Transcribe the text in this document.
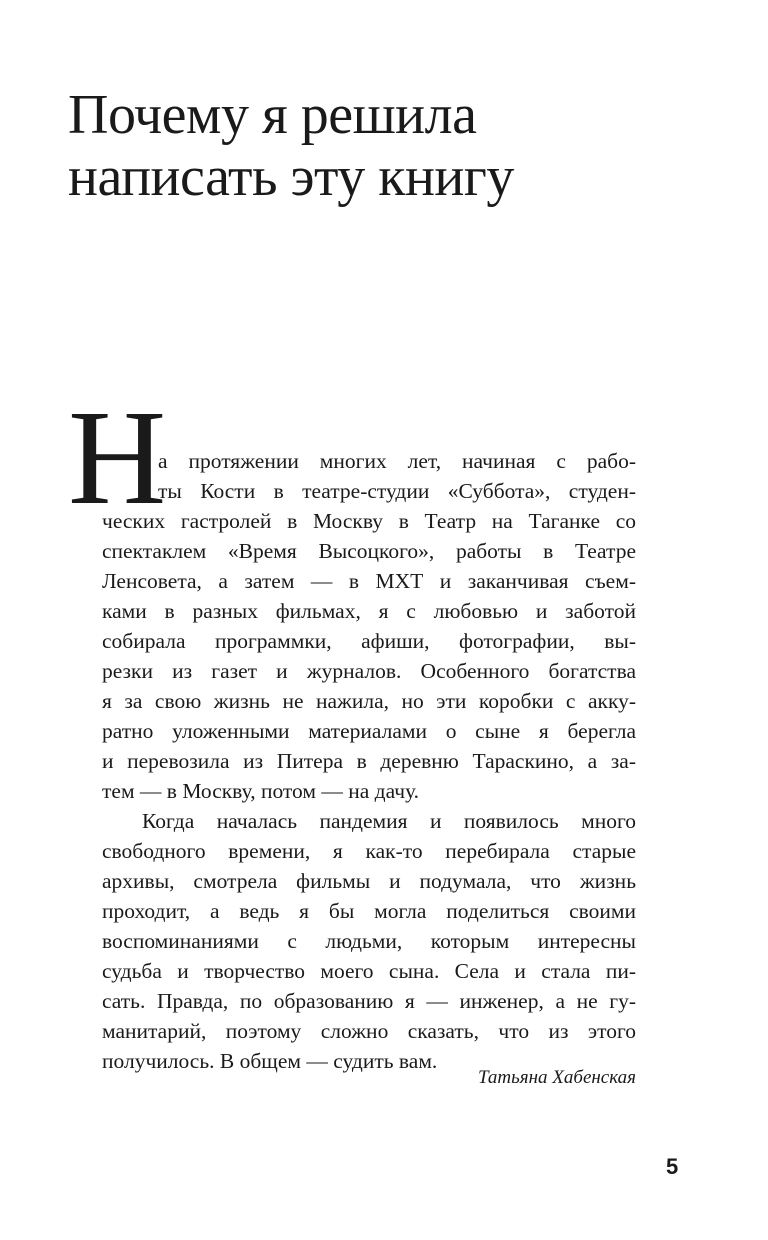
Почему я решила
написать эту книгу
Н
а протяжении многих лет, начиная с рабо-
ты Кости в театре-студии «Суббота», студен-
ческих гастролей в Москву в Театр на Таганке со
спектаклем «Время Высоцкого», работы в Театре
Ленсовета, а затем — в МХТ и заканчивая съем-
ками в разных фильмах, я с любовью и заботой
собирала программки, афиши, фотографии, вы-
резки из газет и журналов. Особенного богатства
я за свою жизнь не нажила, но эти коробки с акку-
ратно уложенными материалами о сыне я берегла
и перевозила из Питера в деревню Тараскино, а за-
тем — в Москву, потом — на дачу.
Когда началась пандемия и появилось много
свободного времени, я как-то перебирала старые
архивы, смотрела фильмы и подумала, что жизнь
проходит, а ведь я бы могла поделиться своими
воспоминаниями с людьми, которым интересны
судьба и творчество моего сына. Села и стала пи-
сать. Правда, по образованию я — инженер, а не гу-
манитарий, поэтому сложно сказать, что из этого
получилось. В общем — судить вам.
Татьяна Хабенская
5
